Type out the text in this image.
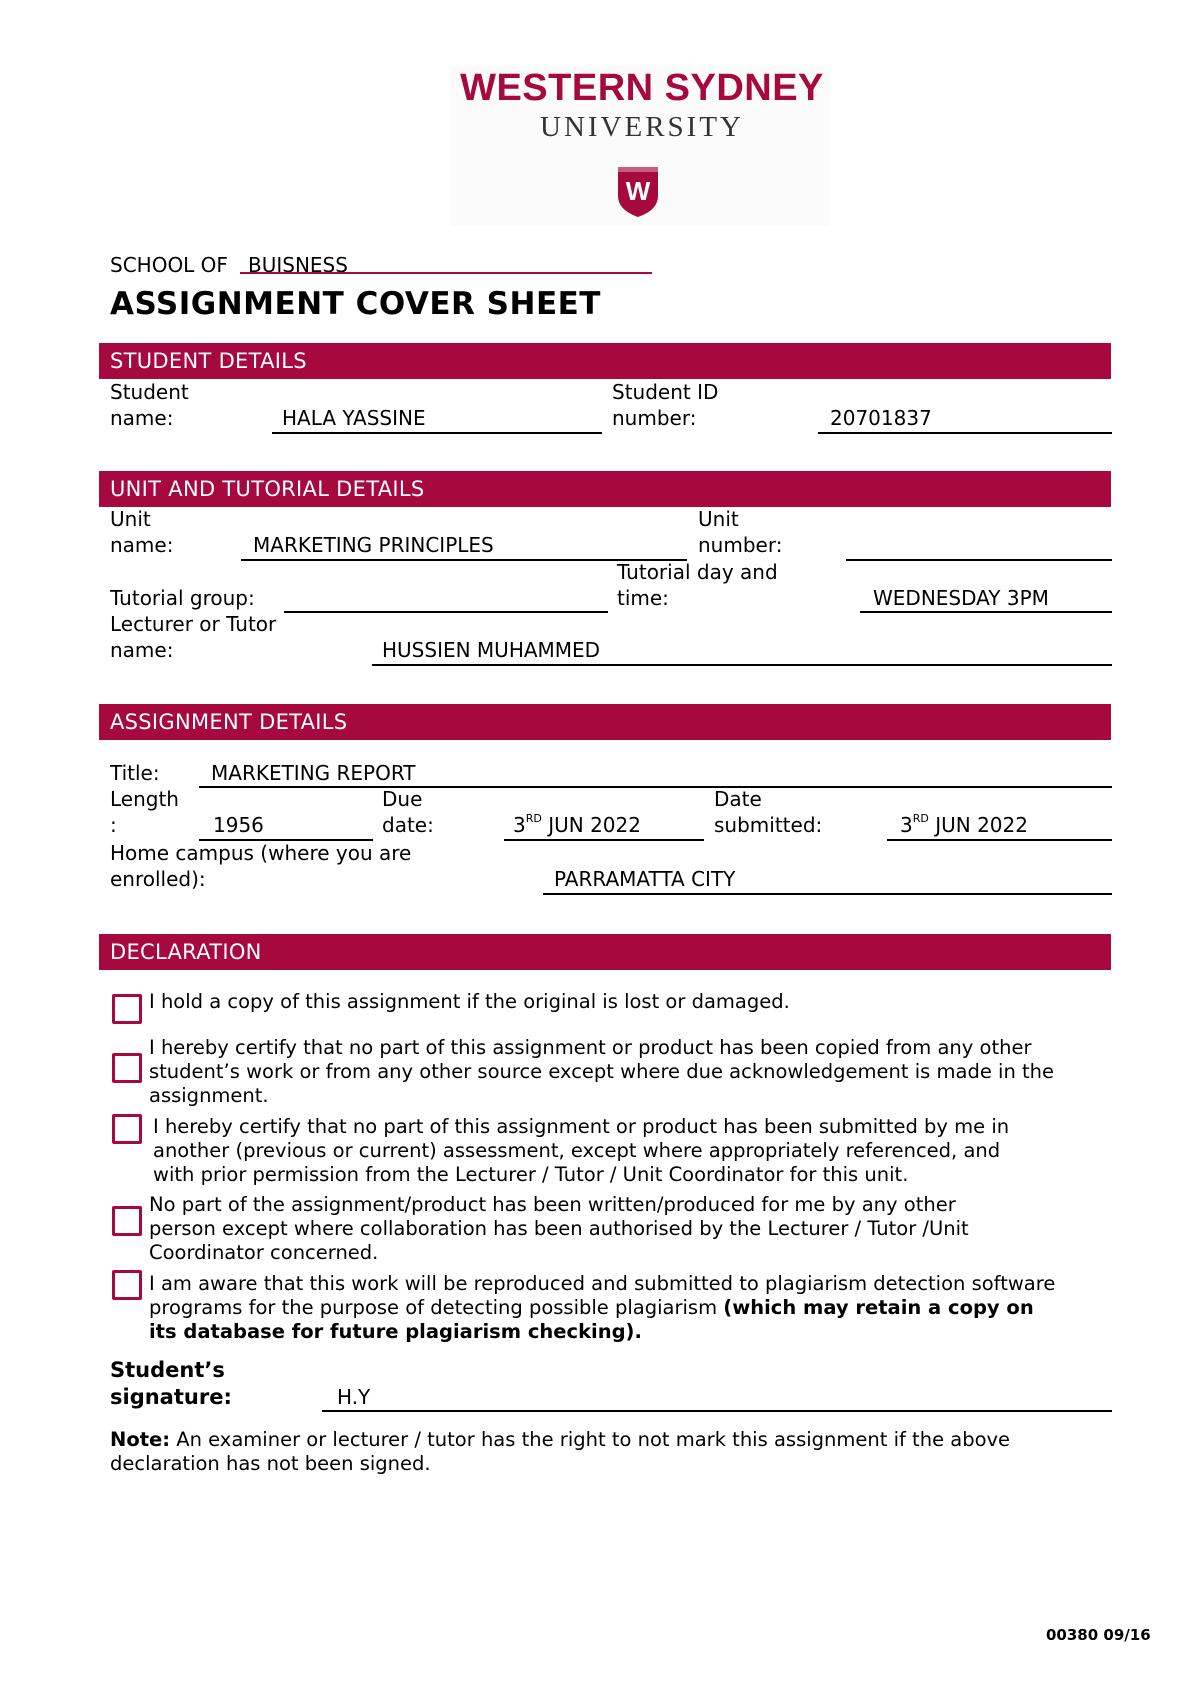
WESTERN SYDNEY
UNIVERSITY
W
SCHOOL OF BUISNESS
ASSIGNMENT COVER SHEET
STUDENT DETAILS
Student
name:	HALA YASSINE
Student ID
number:	20701837
UNIT AND TUTORIAL DETAILS
Unit
name:	MARKETING PRINCIPLES
Unit
number:
Tutorial day and
time:	WEDNESDAY 3PM
Tutorial group:
Lecturer or Tutor
name:	HUSSIEN MUHAMMED
ASSIGNMENT DETAILS
Title:	MARKETING REPORT
Length
:	1956
Due
date:	3RD JUN 2022
Date
submitted:	3RD JUN 2022
Home campus (where you are
enrolled):	PARRAMATTA CITY
DECLARATION
I hold a copy of this assignment if the original is lost or damaged.
I hereby certify that no part of this assignment or product has been copied from any other
student’s work or from any other source except where due acknowledgement is made in the
assignment.
I hereby certify that no part of this assignment or product has been submitted by me in
another (previous or current) assessment, except where appropriately referenced, and
with prior permission from the Lecturer / Tutor / Unit Coordinator for this unit.
No part of the assignment/product has been written/produced for me by any other
person except where collaboration has been authorised by the Lecturer / Tutor /Unit
Coordinator concerned.
I am aware that this work will be reproduced and submitted to plagiarism detection software
programs for the purpose of detecting possible plagiarism (which may retain a copy on
its database for future plagiarism checking).
Student’s
signature:	H.Y
Note: An examiner or lecturer / tutor has the right to not mark this assignment if the above
declaration has not been signed.
00380 09/16
